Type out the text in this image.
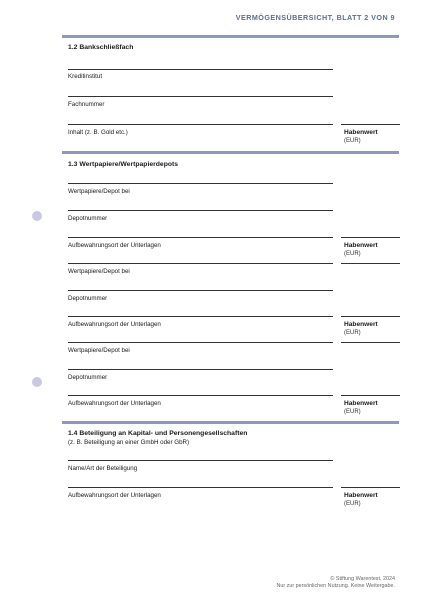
VERMÖGENSÜBERSICHT, BLATT 2 VON 9
1.2 Bankschließfach
Kreditinstitut
Fachnummer
Inhalt (z. B. Gold etc.)	Habenwert
(EUR)
1.3 Wertpapiere/Wertpapierdepots
Wertpapiere/Depot bei
Depotnummer
Aufbewahrungsort der Unterlagen	Habenwert
(EUR)
Wertpapiere/Depot bei
Depotnummer
Aufbewahrungsort der Unterlagen	Habenwert
(EUR)
Wertpapiere/Depot bei
Depotnummer
Aufbewahrungsort der Unterlagen	Habenwert
(EUR)
1.4 Beteiligung an Kapital- und Personengesellschaften
(z. B. Beteiligung an einer GmbH oder GbR)
Name/Art der Beteiligung
Aufbewahrungsort der Unterlagen	Habenwert
(EUR)
© Stiftung Warentest, 2024
Nur zur persönlichen Nutzung. Keine Weitergabe.
